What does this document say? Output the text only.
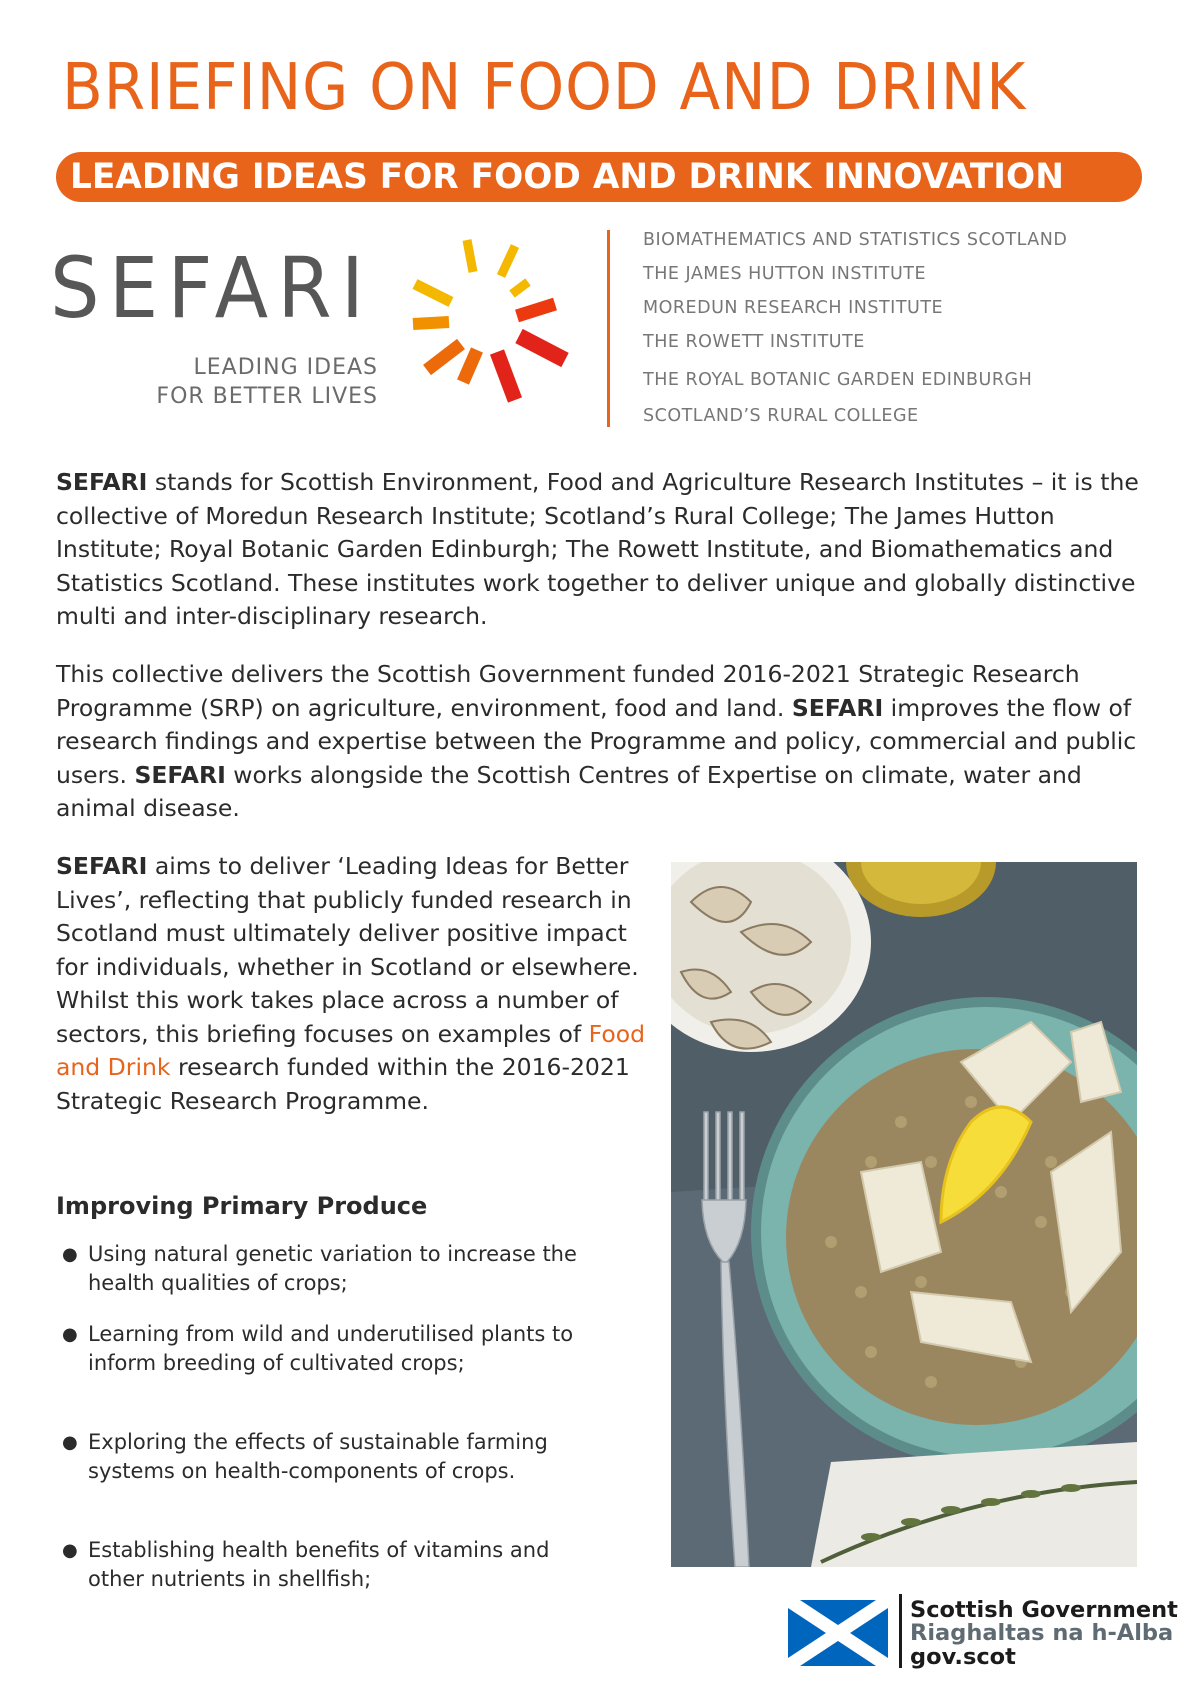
BRIEFING ON FOOD AND DRINK
LEADING IDEAS FOR FOOD AND DRINK INNOVATION
SEFARI
LEADING IDEAS
FOR BETTER LIVES
BIOMATHEMATICS AND STATISTICS SCOTLAND
THE JAMES HUTTON INSTITUTE
MOREDUN RESEARCH INSTITUTE
THE ROWETT INSTITUTE
THE ROYAL BOTANIC GARDEN EDINBURGH
SCOTLAND’S RURAL COLLEGE

SEFARI stands for Scottish Environment, Food and Agriculture Research Institutes – it is the collective of Moredun Research Institute; Scotland’s Rural College; The James Hutton Institute; Royal Botanic Garden Edinburgh; The Rowett Institute, and Biomathematics and Statistics Scotland. These institutes work together to deliver unique and globally distinctive multi and inter-disciplinary research.

This collective delivers the Scottish Government funded 2016-2021 Strategic Research Programme (SRP) on agriculture, environment, food and land. SEFARI improves the flow of research findings and expertise between the Programme and policy, commercial and public users. SEFARI works alongside the Scottish Centres of Expertise on climate, water and animal disease.

SEFARI aims to deliver ‘Leading Ideas for Better Lives’, reflecting that publicly funded research in Scotland must ultimately deliver positive impact for individuals, whether in Scotland or elsewhere. Whilst this work takes place across a number of sectors, this briefing focuses on examples of Food and Drink research funded within the 2016-2021 Strategic Research Programme.

Improving Primary Produce
● Using natural genetic variation to increase the health qualities of crops;
● Learning from wild and underutilised plants to inform breeding of cultivated crops;
● Exploring the effects of sustainable farming systems on health-components of crops.
● Establishing health benefits of vitamins and other nutrients in shellfish;
Scottish Government
Riaghaltas na h-Alba
gov.scot
